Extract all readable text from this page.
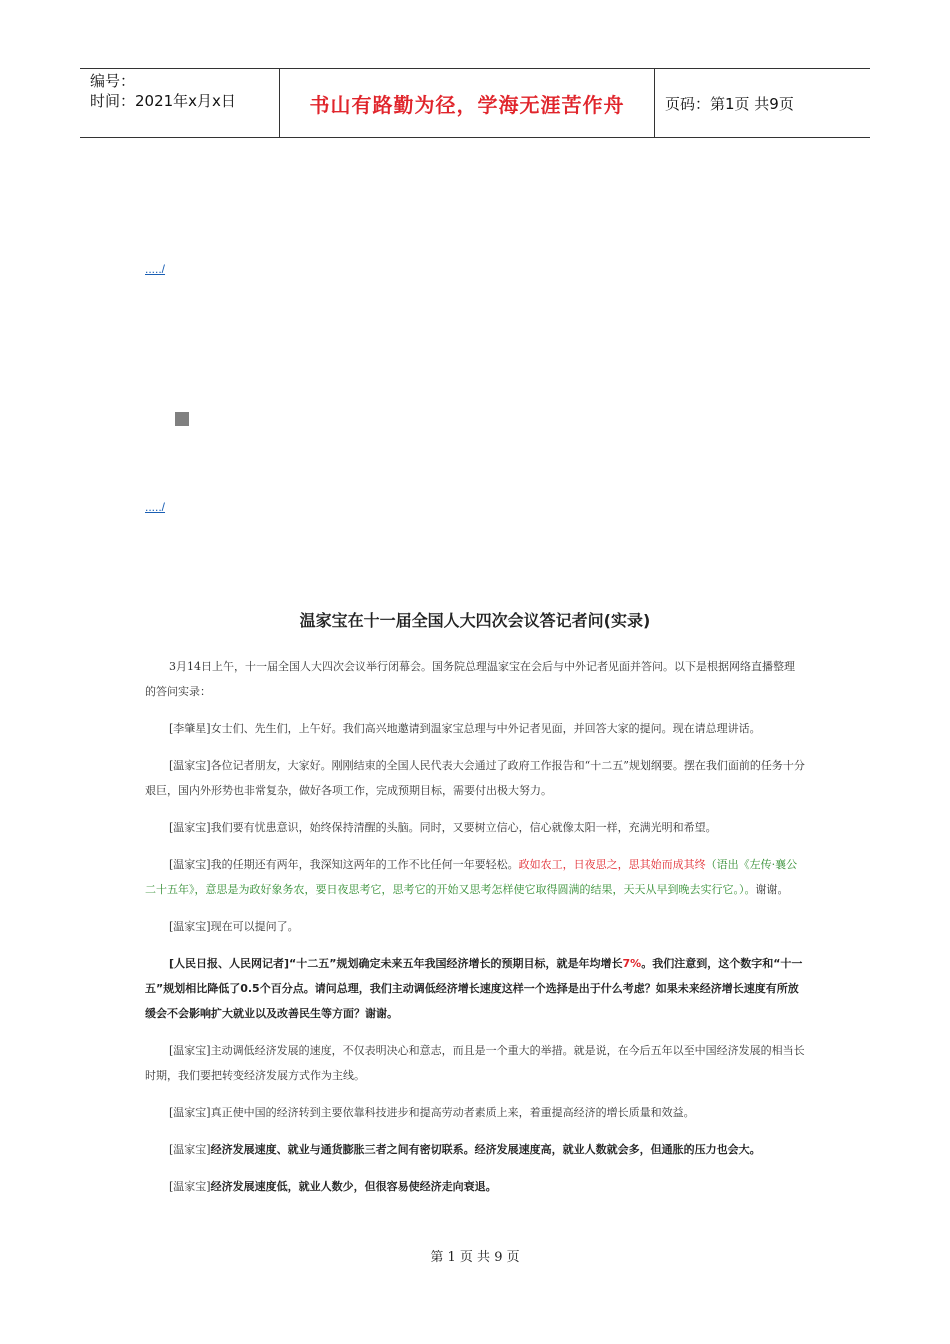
编号：
时间：2021年x月x日	书山有路勤为径，学海无涯苦作舟	页码：第1页 共9页
...../
...../
温家宝在十一届全国人大四次会议答记者问(实录)

3月14日上午，十一届全国人大四次会议举行闭幕会。国务院总理温家宝在会后与中外记者见面并答问。以下是根据网络直播整理的答问实录：

[李肇星]女士们、先生们，上午好。我们高兴地邀请到温家宝总理与中外记者见面，并回答大家的提问。现在请总理讲话。

[温家宝]各位记者朋友，大家好。刚刚结束的全国人民代表大会通过了政府工作报告和“十二五”规划纲要。摆在我们面前的任务十分艰巨，国内外形势也非常复杂，做好各项工作，完成预期目标，需要付出极大努力。

[温家宝]我们要有忧患意识，始终保持清醒的头脑。同时，又要树立信心，信心就像太阳一样，充满光明和希望。

[温家宝]我的任期还有两年，我深知这两年的工作不比任何一年要轻松。政如农工，日夜思之，思其始而成其终（语出《左传·襄公二十五年》，意思是为政好象务农，要日夜思考它，思考它的开始又思考怎样使它取得圆满的结果，天天从早到晚去实行它。）。谢谢。

[温家宝]现在可以提问了。

[人民日报、人民网记者]“十二五”规划确定未来五年我国经济增长的预期目标，就是年均增长7%。我们注意到，这个数字和“十一五”规划相比降低了0.5个百分点。请问总理，我们主动调低经济增长速度这样一个选择是出于什么考虑？如果未来经济增长速度有所放缓会不会影响扩大就业以及改善民生等方面？谢谢。

[温家宝]主动调低经济发展的速度，不仅表明决心和意志，而且是一个重大的举措。就是说，在今后五年以至中国经济发展的相当长时期，我们要把转变经济发展方式作为主线。

[温家宝]真正使中国的经济转到主要依靠科技进步和提高劳动者素质上来，着重提高经济的增长质量和效益。

[温家宝]经济发展速度、就业与通货膨胀三者之间有密切联系。经济发展速度高，就业人数就会多，但通胀的压力也会大。

[温家宝]经济发展速度低，就业人数少，但很容易使经济走向衰退。

第 1 页 共 9 页
